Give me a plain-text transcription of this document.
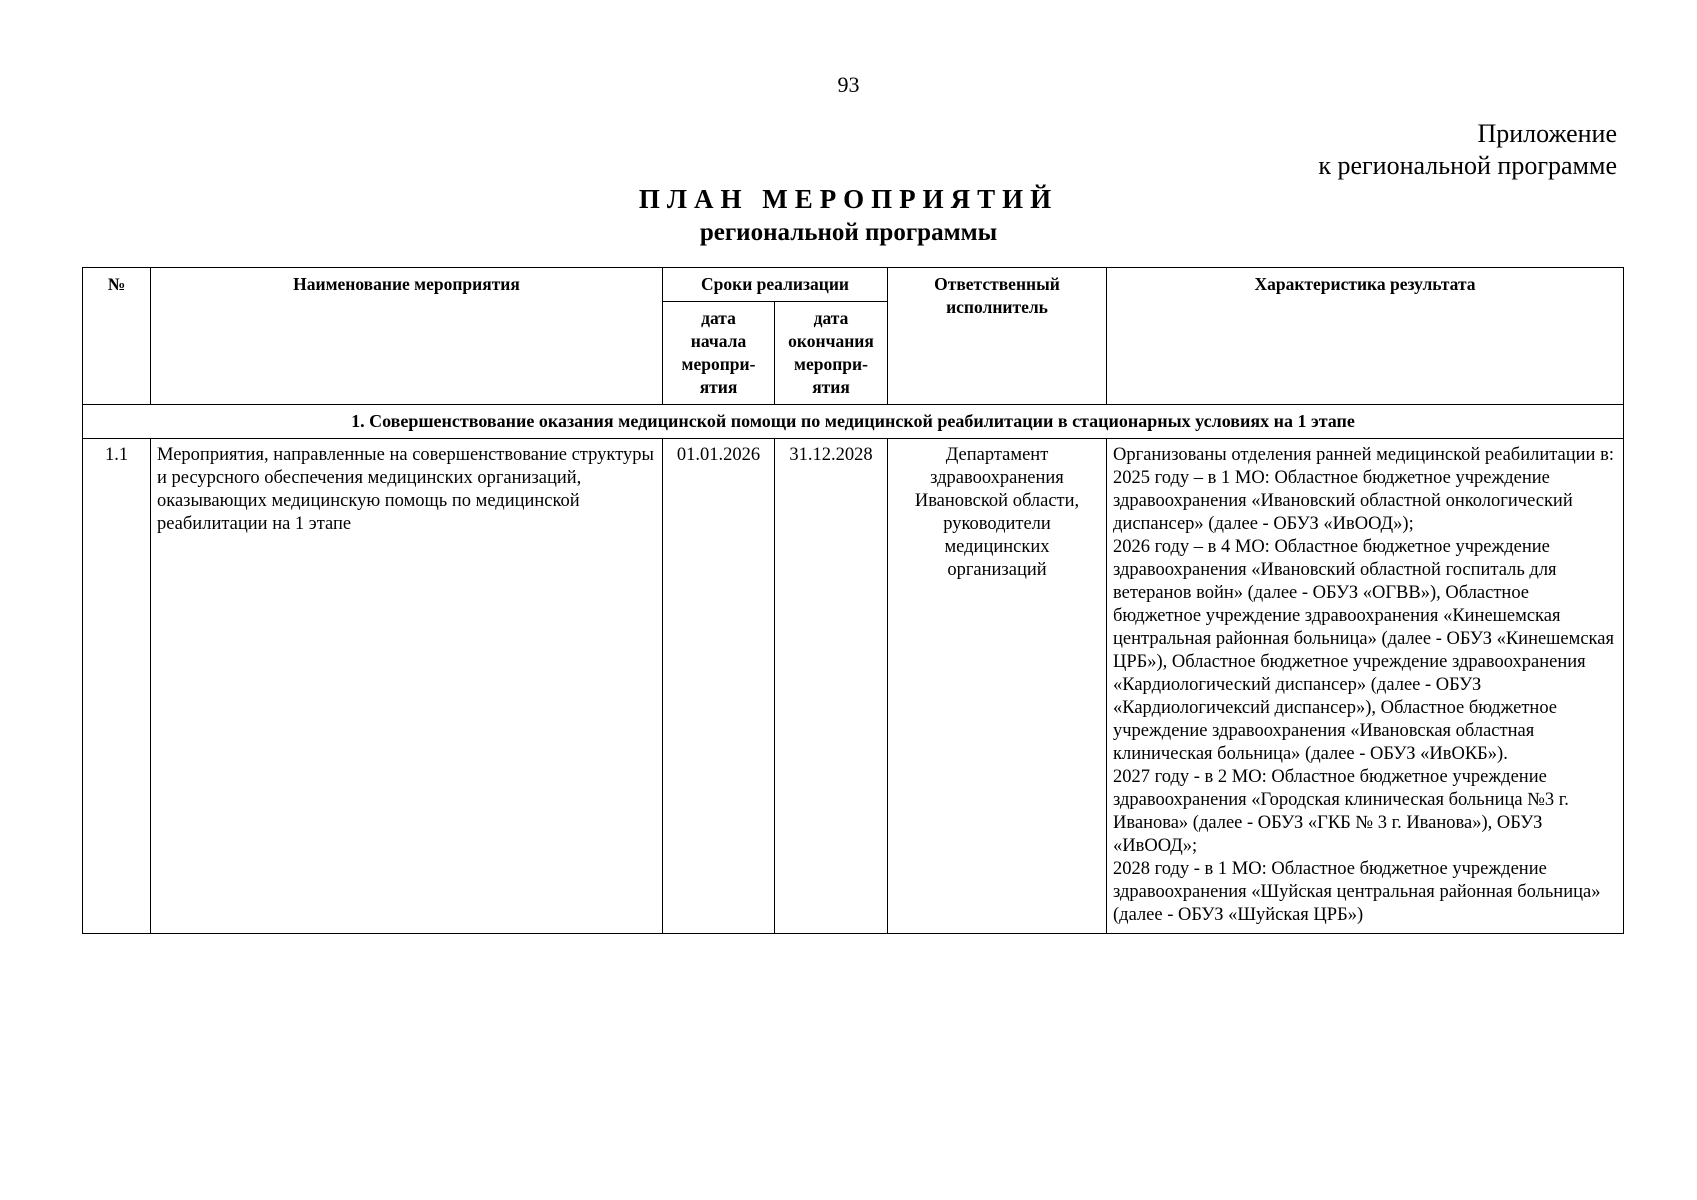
93
Приложение
к региональной программе
ПЛАН МЕРОПРИЯТИЙ
региональной программы
№	Наименование мероприятия	Сроки реализации		Ответственный исполнитель	Характеристика результата

		дата
начала
меропри-
ятия	дата
окончания
меропри-
ятия		

1. Совершенствование оказания медицинской помощи по медицинской реабилитации в стационарных условиях на 1 этапе					
1.1	Мероприятия, направленные на совершенствование структуры и ресурсного обеспечения медицинских организаций, оказывающих медицинскую помощь по медицинской реабилитации на 1 этапе	01.01.2026	31.12.2028	Департамент здравоохранения Ивановской области, руководители медицинских организаций	Организованы отделения ранней медицинской реабилитации в:
2025 году – в 1 МО: Областное бюджетное учреждение здравоохранения «Ивановский областной онкологический диспансер» (далее - ОБУЗ «ИвООД»);
2026 году – в 4 МО: Областное бюджетное учреждение здравоохранения «Ивановский областной госпиталь для ветеранов войн» (далее - ОБУЗ «ОГВВ»), Областное бюджетное учреждение здравоохранения «Кинешемская центральная районная больница» (далее - ОБУЗ «Кинешемская ЦРБ»), Областное бюджетное учреждение здравоохранения «Кардиологический диспансер» (далее - ОБУЗ «Кардиологичексий диспансер»), Областное бюджетное учреждение здравоохранения «Ивановская областная клиническая больница» (далее - ОБУЗ «ИвОКБ»).
2027 году - в 2 МО: Областное бюджетное учреждение здравоохранения «Городская клиническая больница №3 г. Иванова» (далее - ОБУЗ «ГКБ № 3 г. Иванова»), ОБУЗ «ИвООД»;
2028 году - в 1 МО: Областное бюджетное учреждение здравоохранения «Шуйская центральная районная больница» (далее - ОБУЗ «Шуйская ЦРБ»)
